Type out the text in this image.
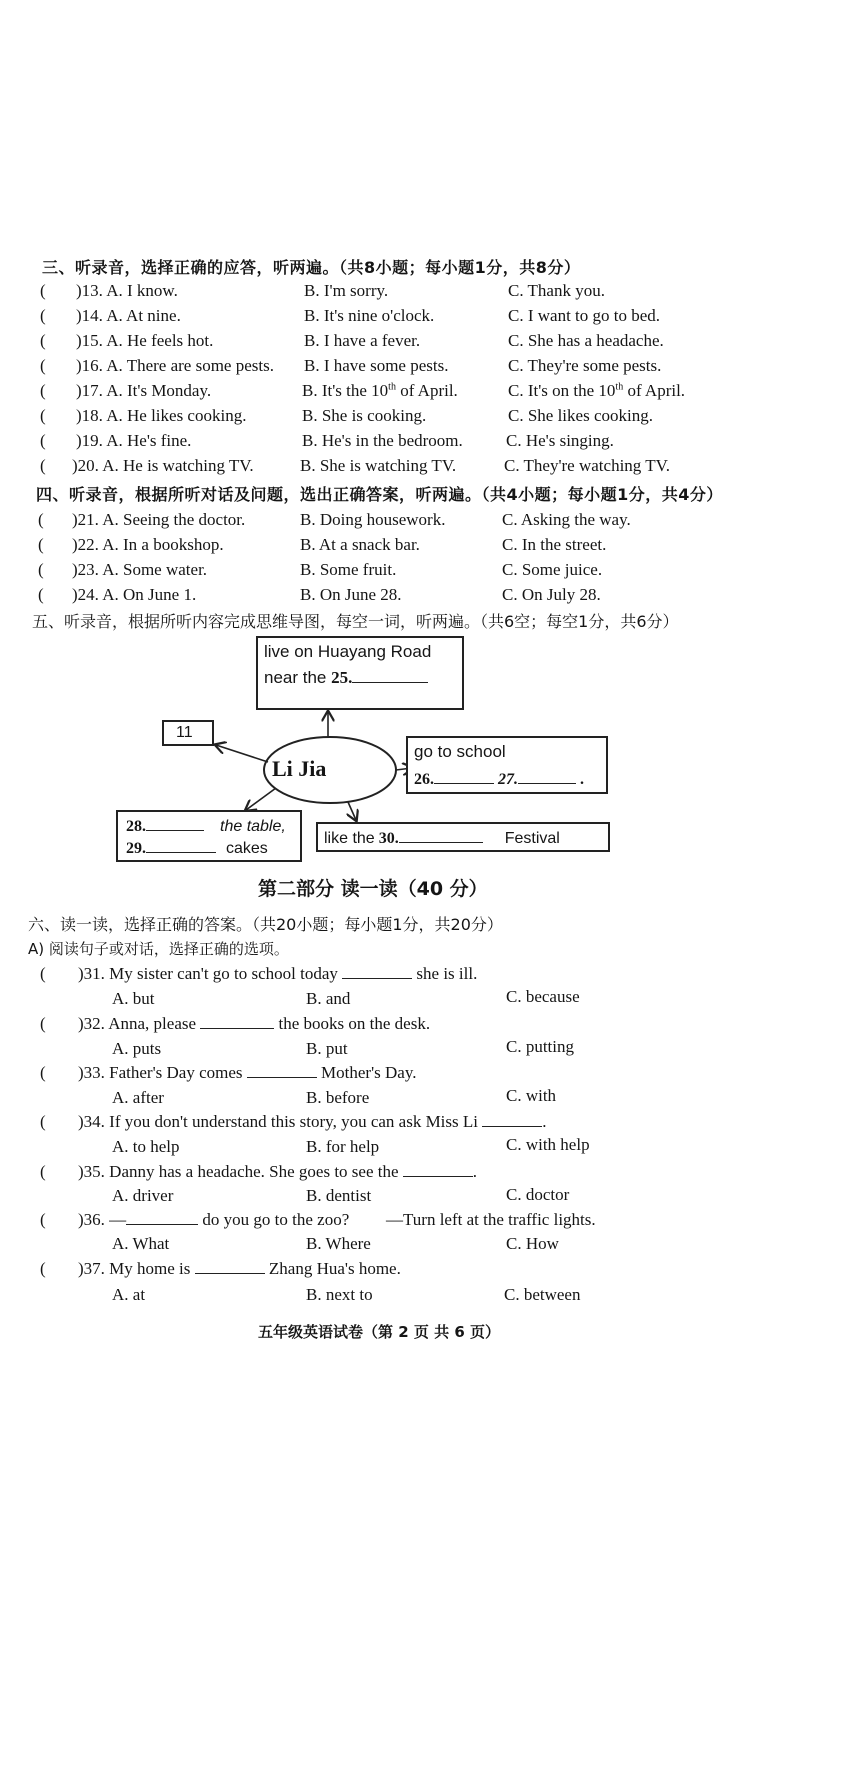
三、听录音，选择正确的应答，听两遍。（共8小题；每小题1分，共8分）
( )13. A. I know.	B. I'm sorry.	C. Thank you.
( )14. A. At nine.	B. It's nine o'clock.	C. I want to go to bed.
( )15. A. He feels hot.	B. I have a fever.	C. She has a headache.
( )16. A. There are some pests. B. I have some pests.	C. They're some pests.
( )17. A. It's Monday.	B. It's the 10th of April.	C. It's on the 10th of April.
( )18. A. He likes cooking.	B. She is cooking.	C. She likes cooking.
( )19. A. He's fine.	B. He's in the bedroom.	C. He's singing.
( )20. A. He is watching TV.	B. She is watching TV.	C. They're watching TV.
四、听录音，根据所听对话及问题，选出正确答案，听两遍。（共4小题；每小题1分，共4分）
( )21. A. Seeing the doctor.	B. Doing housework.	C. Asking the way.
( )22. A. In a bookshop.	B. At a snack bar.	C. In the street.
( )23. A. Some water.	B. Some fruit.	C. Some juice.
( )24. A. On June 1.	B. On June 28.	C. On July 28.
五、听录音，根据所听内容完成思维导图，每空一词，听两遍。（共6空；每空1分，共6分）
Li Jia
live on Huayang Road
near the 25.
11
go to school
26.	27.	.
28.	the table,
29.	cakes
like the 30.	Festival
第二部分 读一读（40 分）
六、读一读，选择正确的答案。（共20小题；每小题1分，共20分）
A) 阅读句子或对话，选择正确的选项。
( )31. My sister can't go to school today	she is ill.
A. but	B. and	C. because
( )32. Anna, please	the books on the desk.
A. puts	B. put	C. putting
( )33. Father's Day comes	Mother's Day.
A. after	B. before	C. with
( )34. If you don't understand this story, you can ask Miss Li	.
A. to help	B. for help	C. with help
( )35. Danny has a headache. She goes to see the	.
A. driver	B. dentist	C. doctor
( )36. —	do you go to the zoo? —Turn left at the traffic lights.
A. What	B. Where	C. How
( )37. My home is	Zhang Hua's home.
A. at	B. next to	C. between
五年级英语试卷（第 2 页 共 6 页）
